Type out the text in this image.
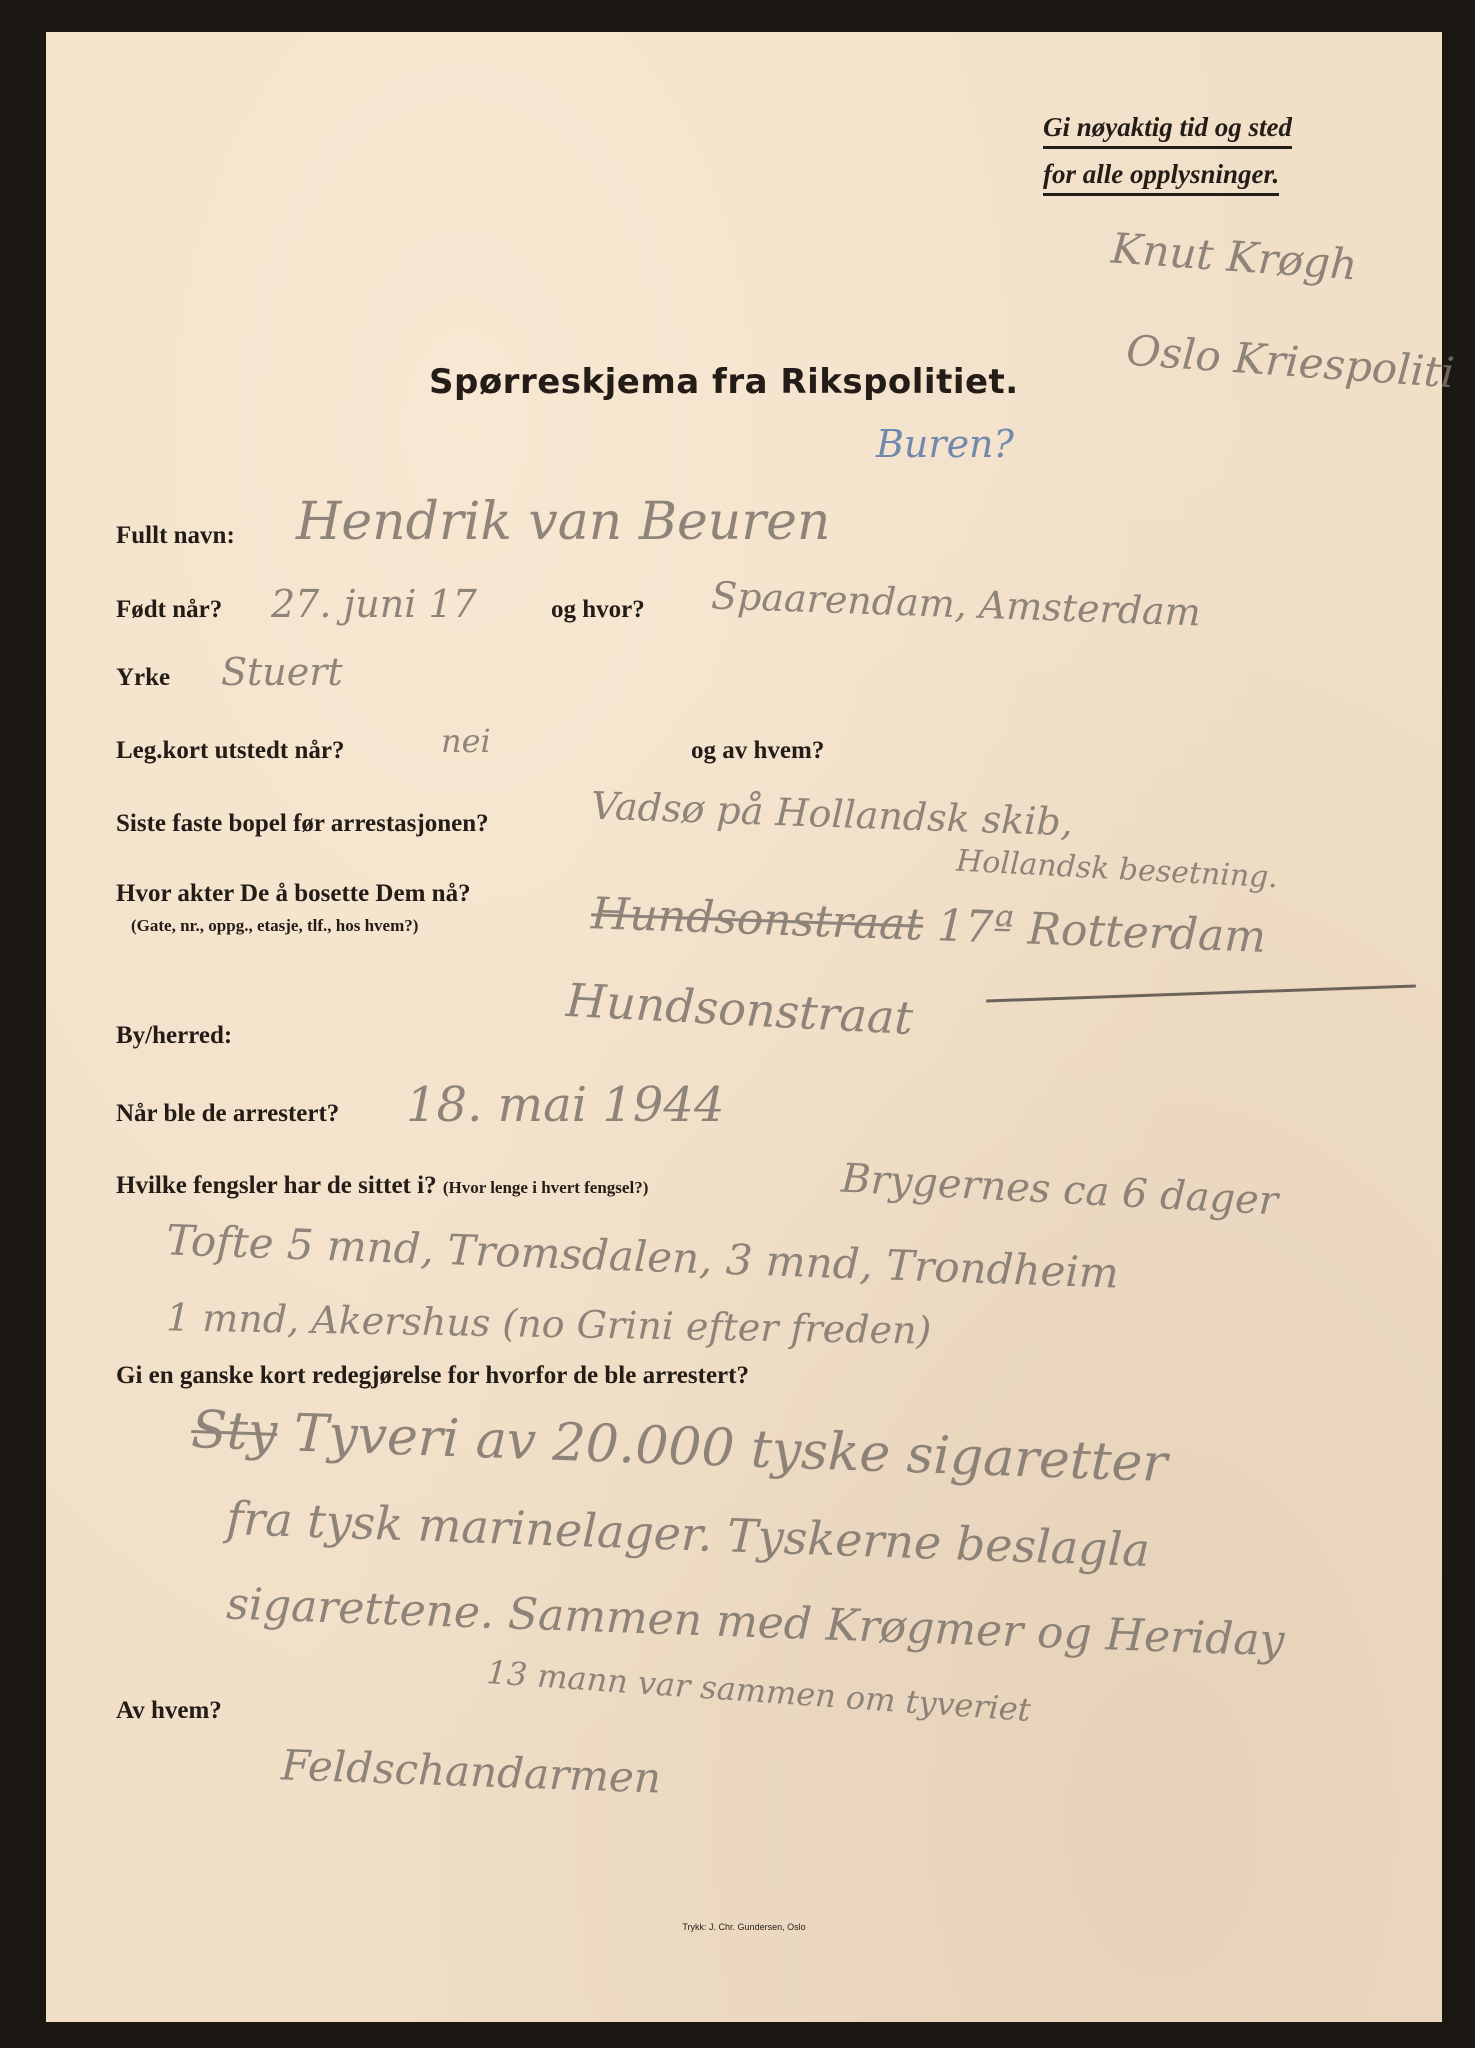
Gi nøyaktig tid og sted
for alle opplysninger.
Knut Krøgh
Oslo Kriespoliti
Buren?
Spørreskjema fra Rikspolitiet.
Fullt navn: Hendrik van Beuren
Født når? 27. juni 17	og hvor? Spaarendam, Amsterdam
Yrke Stuert
Leg.kort utstedt når?	nei	og av hvem?
Siste faste bopel før arrestasjonen?	Vadsø på Hollandsk skib,
Hollandsk besetning.
Hvor akter De å bosette Dem nå?
(Gate, nr., oppg., etasje, tlf., hos hvem?)	Hundsonstraat 17ª Rotterdam
Hundsonstraat
By/herred:
Når ble de arrestert? 18. mai 1944
Hvilke fengsler har de sittet i? (Hvor lenge i hvert fengsel?)	Brygernes ca 6 dager
Tofte 5 mnd, Tromsdalen, 3 mnd, Trondheim
1 mnd, Akershus (no Grini efter freden)
Gi en ganske kort redegjørelse for hvorfor de ble arrestert?
Sty Tyveri av 20.000 tyske sigaretter
fra tysk marinelager. Tyskerne beslagla
sigarettene. Sammen med Krøgmer og Heriday
13 mann var sammen om tyveriet
Av hvem?
Feldschandarmen
Trykk: J. Chr. Gundersen, Oslo
